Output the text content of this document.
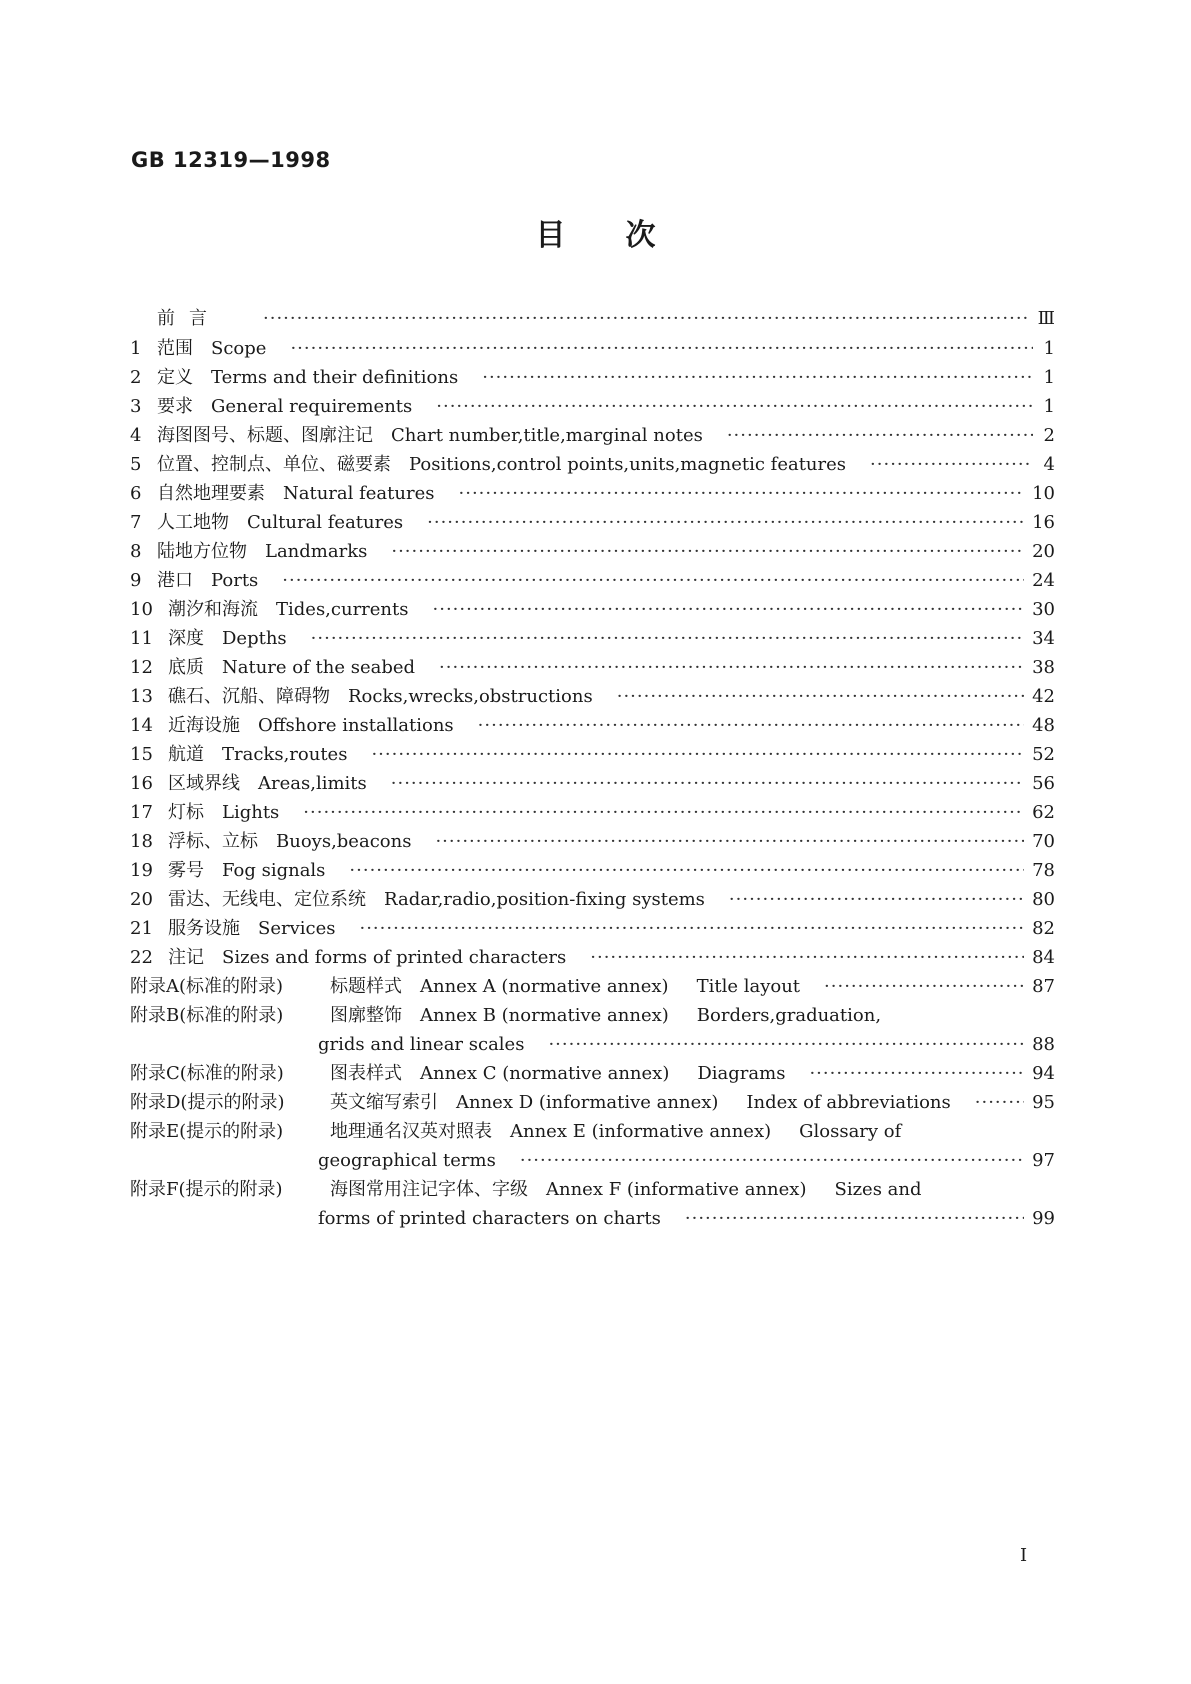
GB 12319—1998
目次
前言 ·····	Ⅲ
1 范围 Scope ·····	1
2 定义 Terms and their definitions ·····	1
3 要求 General requirements ·····	1
4 海图图号、标题、图廓注记 Chart number,title,marginal notes ·····	2
5 位置、控制点、单位、磁要素 Positions,control points,units,magnetic features ·····	4
6 自然地理要素 Natural features ·····	10
7 人工地物 Cultural features ·····	16
8 陆地方位物 Landmarks ·····	20
9 港口 Ports ·····	24
10 潮汐和海流 Tides,currents ·····	30
11 深度 Depths ·····	34
12 底质 Nature of the seabed ·····	38
13 礁石、沉船、障碍物 Rocks,wrecks,obstructions ·····	42
14 近海设施 Offshore installations ·····	48
15 航道 Tracks,routes ·····	52
16 区域界线 Areas,limits ·····	56
17 灯标 Lights ·····	62
18 浮标、立标 Buoys,beacons ·····	70
19 雾号 Fog signals ·····	78
20 雷达、无线电、定位系统 Radar,radio,position-fixing systems ·····	80
21 服务设施 Services ·····	82
22 注记 Sizes and forms of printed characters ·····	84
附录A(标准的附录)	标题样式 Annex A (normative annex) Title layout ·····	87
附录B(标准的附录)	图廓整饰 Annex B (normative annex) Borders,graduation,
grids and linear scales ·····	88
附录C(标准的附录)	图表样式 Annex C (normative annex) Diagrams ·····	94
附录D(提示的附录)	英文缩写索引 Annex D (informative annex) Index of abbreviations ·····	95
附录E(提示的附录)	地理通名汉英对照表 Annex E (informative annex) Glossary of
geographical terms ·····	97
附录F(提示的附录)	海图常用注记字体、字级 Annex F (informative annex) Sizes and
forms of printed characters on charts ·····	99
I
